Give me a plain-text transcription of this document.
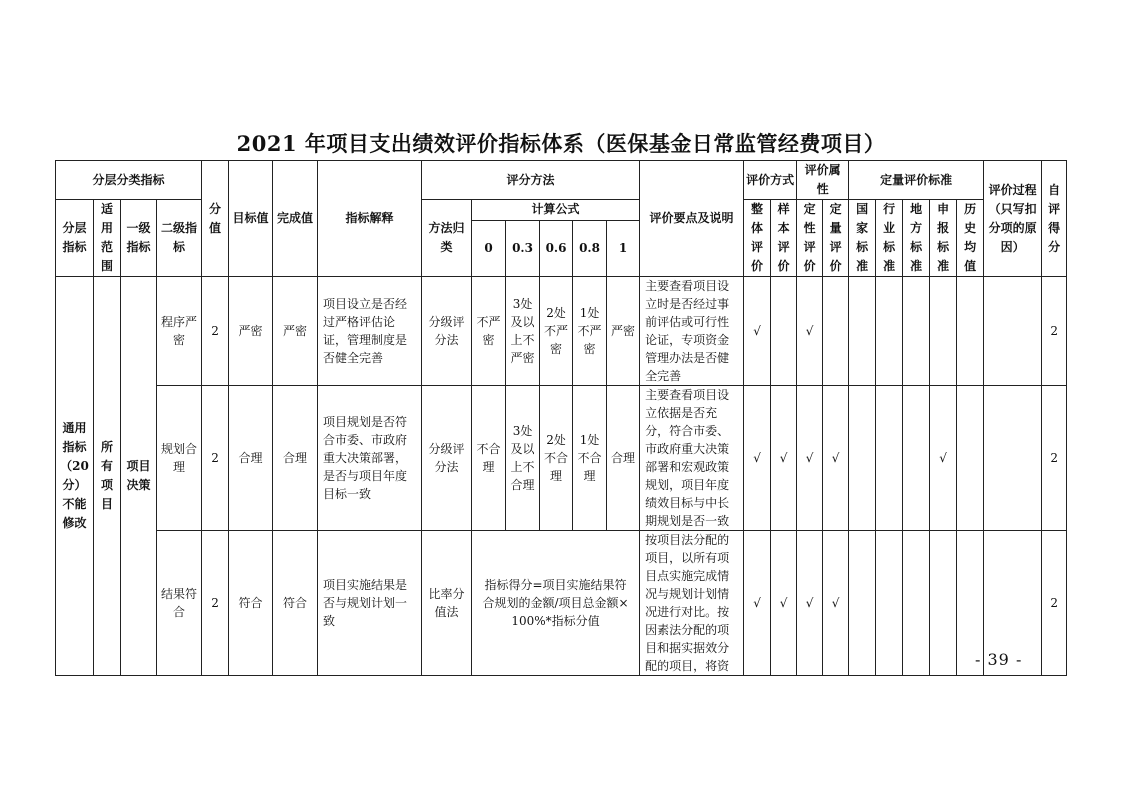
2021 年项目支出绩效评价指标体系（医保基金日常监管经费项目）
分层分类指标				分值	目标值	完成值	指标解释	评分方法						评价要点及说明	评价方式		评价属性		定量评价标准					评价过程（只写扣分项的原因）	自评得分
分层指标	适用范围	一级指标	二级指标					方法归类	计算公式						整体评价	样本评价	定性评价	定量评价	国家标准	行业标准	地方标准	申报标准	历史均值		
									0	0.3	0.6	0.8	1												
通用指标（20分）不能修改	所有项目	项目决策	程序严密	2	严密	严密	项目设立是否经过严格评估论证，管理制度是否健全完善	分级评分法	不严密	3处及以上不严密	2处不严密	1处不严密	严密	主要查看项目设立时是否经过事前评估或可行性论证，专项资金管理办法是否健全完善	√		√								2
			规划合理	2	合理	合理	项目规划是否符合市委、市政府重大决策部署，是否与项目年度目标一致	分级评分法	不合理	3处及以上不合理	2处不合理	1处不合理	合理	主要查看项目设立依据是否充分，符合市委、市政府重大决策部署和宏观政策规划，项目年度绩效目标与中长期规划是否一致	√	√	√	√				√			2
			结果符合	2	符合	符合	项目实施结果是否与规划计划一致	比率分值法	指标得分=项目实施结果符合规划的金额/项目总金额×100%*指标分值					按项目法分配的项目，以所有项目点实施完成情况与规划计划情况进行对比。按因素法分配的项目和据实据效分配的项目，将资	√	√	√	√							2
- 39 -
